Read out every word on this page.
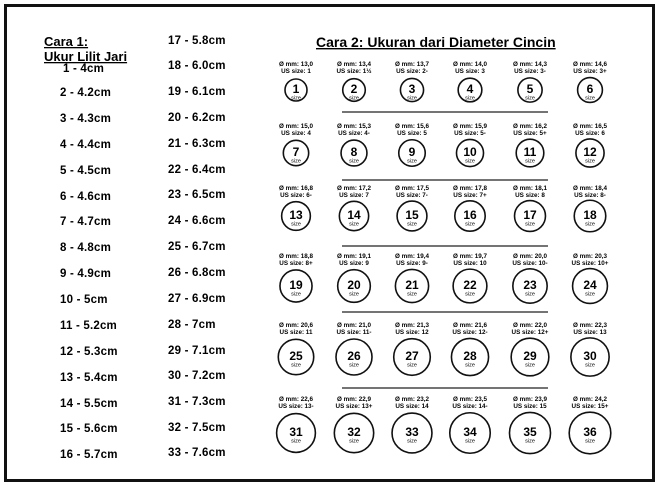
Cara 1:
Ukur Lilit Jari
Cara 2: Ukuran dari Diameter Cincin
1 - 4cm
2 - 4.2cm
3 - 4.3cm
4 - 4.4cm
5 - 4.5cm
6 - 4.6cm
7 - 4.7cm
8 - 4.8cm
9 - 4.9cm
10 - 5cm
11 - 5.2cm
12 - 5.3cm
13 - 5.4cm
14 - 5.5cm
15 - 5.6cm
16 - 5.7cm
17 - 5.8cm
18 - 6.0cm
19 - 6.1cm
20 - 6.2cm
21 - 6.3cm
22 - 6.4cm
23 - 6.5cm
24 - 6.6cm
25 - 6.7cm
26 - 6.8cm
27 - 6.9cm
28 - 7cm
29 - 7.1cm
30 - 7.2cm
31 - 7.3cm
32 - 7.5cm
33 - 7.6cm
Ø mm: 13,0
US size: 1
1
size
Ø mm: 13,4
US size: 1½
2
size
Ø mm: 13,7
US size: 2-
3
size
Ø mm: 14,0
US size: 3
4
size
Ø mm: 14,3
US size: 3-
5
size
Ø mm: 14,6
US size: 3+
6
size
Ø mm: 15,0
US size: 4
7
size
Ø mm: 15,3
US size: 4-
8
size
Ø mm: 15,6
US size: 5
9
size
Ø mm: 15,9
US size: 5-
10
size
Ø mm: 16,2
US size: 5+
11
size
Ø mm: 16,5
US size: 6
12
size
Ø mm: 16,8
US size: 6-
13
size
Ø mm: 17,2
US size: 7
14
size
Ø mm: 17,5
US size: 7-
15
size
Ø mm: 17,8
US size: 7+
16
size
Ø mm: 18,1
US size: 8
17
size
Ø mm: 18,4
US size: 8-
18
size
Ø mm: 18,8
US size: 8+
19
size
Ø mm: 19,1
US size: 9
20
size
Ø mm: 19,4
US size: 9-
21
size
Ø mm: 19,7
US size: 10
22
size
Ø mm: 20,0
US size: 10-
23
size
Ø mm: 20,3
US size: 10+
24
size
Ø mm: 20,6
US size: 11
25
size
Ø mm: 21,0
US size: 11-
26
size
Ø mm: 21,3
US size: 12
27
size
Ø mm: 21,6
US size: 12-
28
size
Ø mm: 22,0
US size: 12+
29
size
Ø mm: 22,3
US size: 13
30
size
Ø mm: 22,6
US size: 13-
31
size
Ø mm: 22,9
US size: 13+
32
size
Ø mm: 23,2
US size: 14
33
size
Ø mm: 23,5
US size: 14-
34
size
Ø mm: 23,9
US size: 15
35
size
Ø mm: 24,2
US size: 15+
36
size
